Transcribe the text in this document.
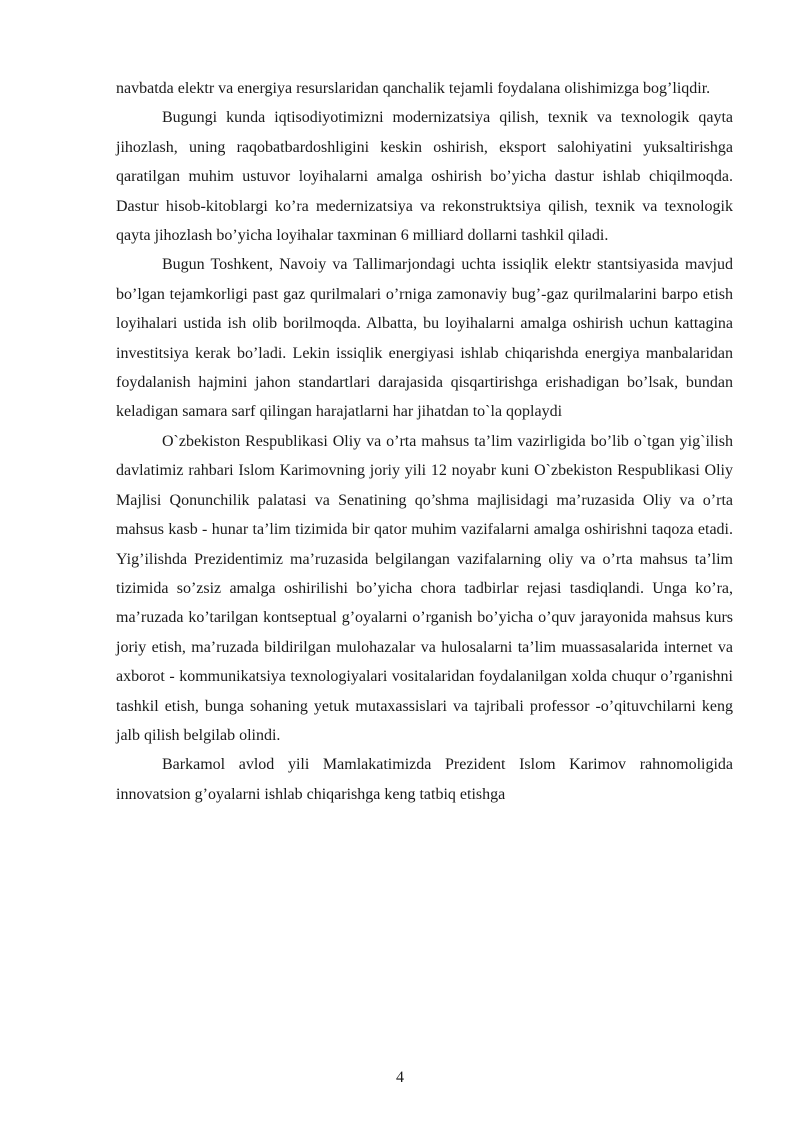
navbatda elektr va energiya resurslaridan qanchalik tejamli foydalana olishimizga bog’liqdir.

Bugungi kunda iqtisodiyotimizni modernizatsiya qilish, texnik va texnologik qayta jihozlash, uning raqobatbardoshligini keskin oshirish, eksport salohiyatini yuksaltirishga qaratilgan muhim ustuvor loyihalarni amalga oshirish bo’yicha dastur ishlab chiqilmoqda. Dastur hisob-kitoblargi ko’ra medernizatsiya va rekonstruktsiya qilish, texnik va texnologik qayta jihozlash bo’yicha loyihalar taxminan 6 milliard dollarni tashkil qiladi.

Bugun Toshkent, Navoiy va Tallimarjondagi uchta issiqlik elektr stantsiyasida mavjud bo’lgan tejamkorligi past gaz qurilmalari o’rniga zamonaviy bug’-gaz qurilmalarini barpo etish loyihalari ustida ish olib borilmoqda. Albatta, bu loyihalarni amalga oshirish uchun kattagina investitsiya kerak bo’ladi. Lekin issiqlik energiyasi ishlab chiqarishda energiya manbalaridan foydalanish hajmini jahon standartlari darajasida qisqartirishga erishadigan bo’lsak, bundan keladigan samara sarf qilingan harajatlarni har jihatdan to`la qoplaydi

O`zbekiston Respublikasi Oliy va o’rta mahsus ta’lim vazirligida bo’lib o`tgan yig`ilish davlatimiz rahbari Islom Karimovning joriy yili 12 noyabr kuni O`zbekiston Respublikasi Oliy Majlisi Qonunchilik palatasi va Senatining qo’shma majlisidagi ma’ruzasida Oliy va o’rta mahsus kasb - hunar ta’lim tizimida bir qator muhim vazifalarni amalga oshirishni taqoza etadi. Yig’ilishda Prezidentimiz ma’ruzasida belgilangan vazifalarning oliy va o’rta mahsus ta’lim tizimida so’zsiz amalga oshirilishi bo’yicha chora tadbirlar rejasi tasdiqlandi. Unga ko’ra, ma’ruzada ko’tarilgan kontseptual g’oyalarni o’rganish bo’yicha o’quv jarayonida mahsus kurs joriy etish, ma’ruzada bildirilgan mulohazalar va hulosalarni ta’lim muassasalarida internet va axborot - kommunikatsiya texnologiyalari vositalaridan foydalanilgan xolda chuqur o’rganishni tashkil etish, bunga sohaning yetuk mutaxassislari va tajribali professor -o’qituvchilarni keng jalb qilish belgilab olindi.

Barkamol avlod yili Mamlakatimizda Prezident Islom Karimov rahnomoligida innovatsion g’oyalarni ishlab chiqarishga keng tatbiq etishga

4
